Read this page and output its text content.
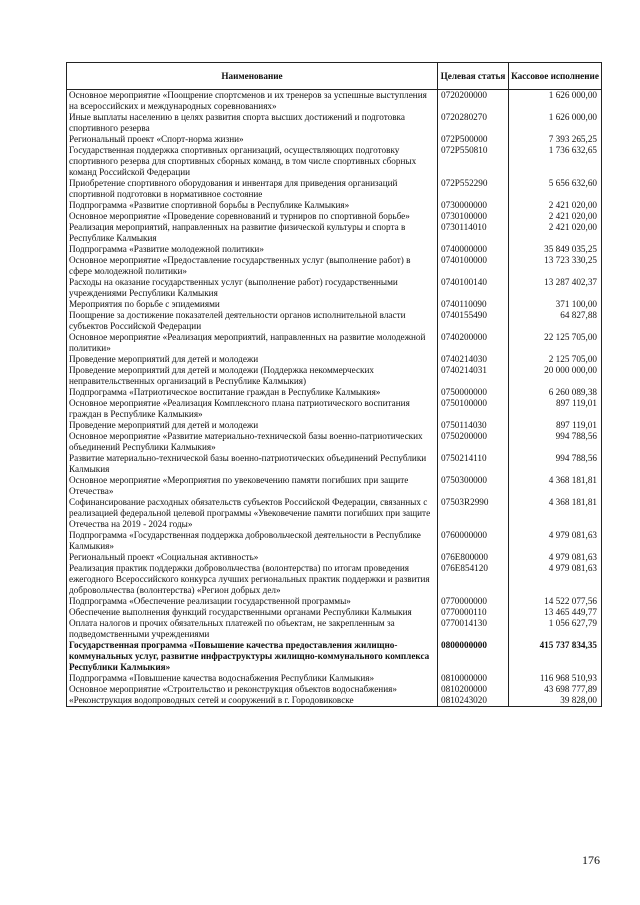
Наименование	Целевая статья	Кассовое исполнение
Основное мероприятие «Поощрение спортсменов и их тренеров за успешные выступления на всероссийских и международных соревнованиях»	0720200000	1 626 000,00
Иные выплаты населению в целях развития спорта высших достижений и подготовка спортивного резерва	0720280270	1 626 000,00
Региональный проект «Спорт-норма жизни»	072P500000	7 393 265,25
Государственная поддержка спортивных организаций, осуществляющих подготовку спортивного резерва для спортивных сборных команд, в том числе спортивных сборных команд Российской Федерации	072P550810	1 736 632,65
Приобретение спортивного оборудования и инвентаря для приведения организаций спортивной подготовки в нормативное состояние	072P552290	5 656 632,60
Подпрограмма «Развитие спортивной борьбы в Республике Калмыкия»	0730000000	2 421 020,00
Основное мероприятие «Проведение соревнований и турниров по спортивной борьбе»	0730100000	2 421 020,00
Реализация мероприятий, направленных на развитие физической культуры и спорта в Республике Калмыкия	0730114010	2 421 020,00
Подпрограмма «Развитие молодежной политики»	0740000000	35 849 035,25
Основное мероприятие «Предоставление государственных услуг (выполнение работ) в сфере молодежной политики»	0740100000	13 723 330,25
Расходы на оказание государственных услуг (выполнение работ) государственными учреждениями Республики Калмыкия	0740100140	13 287 402,37
Мероприятия по борьбе с эпидемиями	0740110090	371 100,00
Поощрение за достижение показателей деятельности органов исполнительной власти субъектов Российской Федерации	0740155490	64 827,88
Основное мероприятие «Реализация мероприятий, направленных на развитие молодежной политики»	0740200000	22 125 705,00
Проведение мероприятий для детей и молодежи	0740214030	2 125 705,00
Проведение мероприятий для детей и молодежи (Поддержка некоммерческих неправительственных организаций в Республике Калмыкия)	0740214031	20 000 000,00
Подпрограмма «Патриотическое воспитание граждан в Республике Калмыкия»	0750000000	6 260 089,38
Основное мероприятие «Реализация Комплексного плана патриотического воспитания граждан в Республике Калмыкия»	0750100000	897 119,01
Проведение мероприятий для детей и молодежи	0750114030	897 119,01
Основное мероприятие «Развитие материально-технической базы военно-патриотических объединений Республики Калмыкия»	0750200000	994 788,56
Развитие материально-технической базы военно-патриотических объединений Республики Калмыкия	0750214110	994 788,56
Основное мероприятие «Мероприятия по увековечению памяти погибших при защите Отечества»	0750300000	4 368 181,81
Софинансирование расходных обязательств субъектов Российской Федерации, связанных с реализацией федеральной целевой программы «Увековечение памяти погибших при защите Отечества на 2019 - 2024 годы»	07503R2990	4 368 181,81
Подпрограмма «Государственная поддержка добровольческой деятельности в Республике Калмыкия»	0760000000	4 979 081,63
Региональный проект «Социальная активность»	076E800000	4 979 081,63
Реализация практик поддержки добровольчества (волонтерства) по итогам проведения ежегодного Всероссийского конкурса лучших региональных практик поддержки и развития добровольчества (волонтерства) «Регион добрых дел»	076E854120	4 979 081,63
Подпрограмма «Обеспечение реализации государственной программы»	0770000000	14 522 077,56
Обеспечение выполнения функций государственными органами Республики Калмыкия	0770000110	13 465 449,77
Оплата налогов и прочих обязательных платежей по объектам, не закрепленным за подведомственными учреждениями	0770014130	1 056 627,79
Государственная программа «Повышение качества предоставления жилищно-коммунальных услуг, развитие инфраструктуры жилищно-коммунального комплекса Республики Калмыкия»	0800000000	415 737 834,35
Подпрограмма «Повышение качества водоснабжения Республики Калмыкия»	0810000000	116 968 510,93
Основное мероприятие «Строительство и реконструкция объектов водоснабжения»	0810200000	43 698 777,89
«Реконструкция водопроводных сетей и сооружений в г. Городовиковске	0810243020	39 828,00
176
